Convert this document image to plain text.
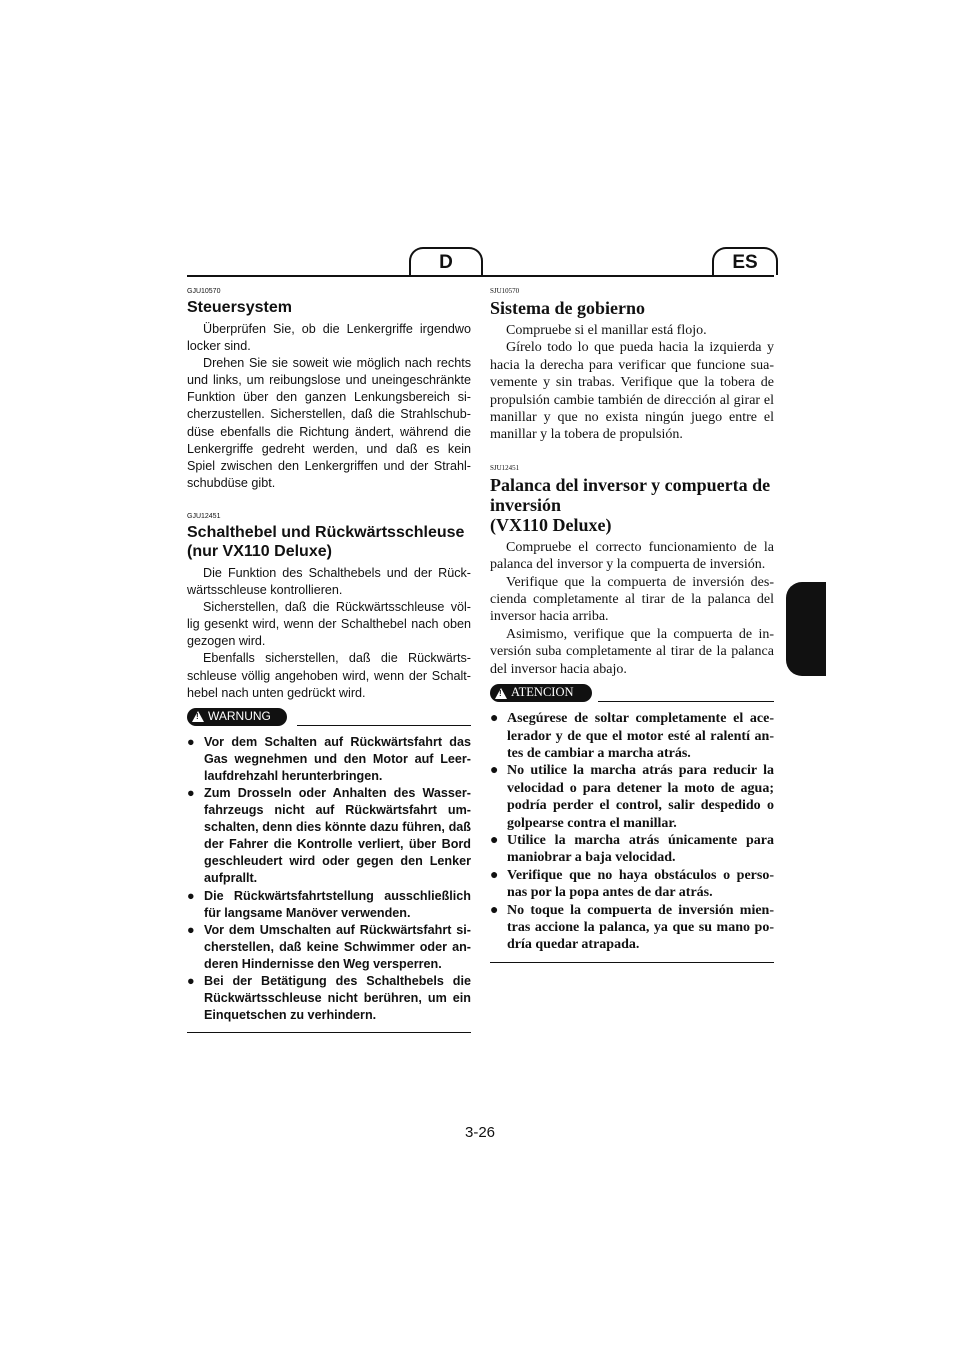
D	ES

GJU10570

Steuersystem

Überprüfen Sie, ob die Lenkergriffe irgendwo locker sind.

Drehen Sie sie soweit wie möglich nach rechts und links, um reibungslose und uneingeschränkte Funktion über den ganzen Lenkungsbereich si-cherzustellen. Sicherstellen, daß die Strahlschub-düse ebenfalls die Richtung ändert, während die Lenkergriffe gedreht werden, und daß es kein Spiel zwischen den Lenkergriffen und der Strahl-schubdüse gibt.

GJU12451

Schalthebel und Rückwärtsschleuse
(nur VX110 Deluxe)

Die Funktion des Schalthebels und der Rück-wärtsschleuse kontrollieren.

Sicherstellen, daß die Rückwärtsschleuse völ-lig gesenkt wird, wenn der Schalthebel nach oben gezogen wird.

Ebenfalls sicherstellen, daß die Rückwärts-schleuse völlig angehoben wird, wenn der Schalt-hebel nach unten gedrückt wird.

!
WARNUNG
● Vor dem Schalten auf Rückwärtsfahrt das Gas wegnehmen und den Motor auf Leer-laufdrehzahl herunterbringen.
● Zum Drosseln oder Anhalten des Wasser-fahrzeugs nicht auf Rückwärtsfahrt um-schalten, denn dies könnte dazu führen, daß der Fahrer die Kontrolle verliert, über Bord geschleudert wird oder gegen den Lenker aufprallt.
● Die Rückwärtsfahrtstellung ausschließlich für langsame Manöver verwenden.
● Vor dem Umschalten auf Rückwärtsfahrt si-cherstellen, daß keine Schwimmer oder an-deren Hindernisse den Weg versperren.
● Bei der Betätigung des Schalthebels die Rückwärtsschleuse nicht berühren, um ein Einquetschen zu verhindern.

SJU10570

Sistema de gobierno

Compruebe si el manillar está flojo.

Gírelo todo lo que pueda hacia la izquierda y hacia la derecha para verificar que funcione sua-vemente y sin trabas. Verifique que la tobera de propulsión cambie también de dirección al girar el manillar y que no exista ningún juego entre el manillar y la tobera de propulsión.

SJU12451

Palanca del inversor y compuerta de inversión
(VX110 Deluxe)

Compruebe el correcto funcionamiento de la palanca del inversor y la compuerta de inversión.

Verifique que la compuerta de inversión des-cienda completamente al tirar de la palanca del inversor hacia arriba.

Asimismo, verifique que la compuerta de in-versión suba completamente al tirar de la palanca del inversor hacia abajo.

!
ATENCION
● Asegúrese de soltar completamente el ace-lerador y de que el motor esté al ralentí an-tes de cambiar a marcha atrás.
● No utilice la marcha atrás para reducir la velocidad o para detener la moto de agua; podría perder el control, salir despedido o golpearse contra el manillar.
● Utilice la marcha atrás únicamente para maniobrar a baja velocidad.
● Verifique que no haya obstáculos o perso-nas por la popa antes de dar atrás.
● No toque la compuerta de inversión mien-tras accione la palanca, ya que su mano po-dría quedar atrapada.
3-26
